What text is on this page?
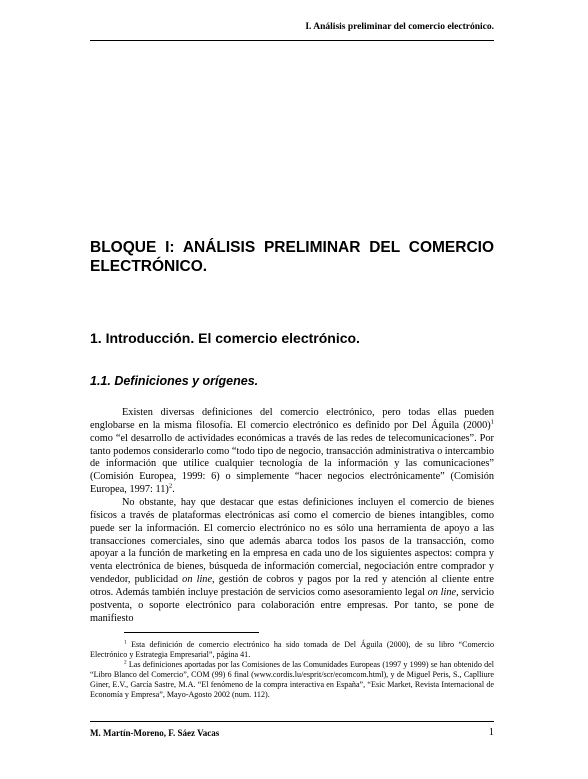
I. Análisis preliminar del comercio electrónico.
BLOQUE I: ANÁLISIS PRELIMINAR DEL COMERCIO ELECTRÓNICO.
1. Introducción. El comercio electrónico.
1.1. Definiciones y orígenes.

Existen diversas definiciones del comercio electrónico, pero todas ellas pueden englobarse en la misma filosofía. El comercio electrónico es definido por Del Águila $(2000)^1$ como “el desarrollo de actividades económicas a través de las redes de telecomunicaciones”. Por tanto podemos considerarlo como “todo tipo de negocio, transacción administrativa o intercambio de información que utilice cualquier tecnología de la información y las comunicaciones” (Comisión Europea, 1999: 6) o simplemente “hacer negocios electrónicamente” (Comisión Europea, 1997: 11)$^2$.

No obstante, hay que destacar que estas definiciones incluyen el comercio de bienes físicos a través de plataformas electrónicas así como el comercio de bienes intangibles, como puede ser la información. El comercio electrónico no es sólo una herramienta de apoyo a las transacciones comerciales, sino que además abarca todos los pasos de la transacción, como apoyar a la función de marketing en la empresa en cada uno de los siguientes aspectos: compra y venta electrónica de bienes, búsqueda de información comercial, negociación entre comprador y vendedor, publicidad on line, gestión de cobros y pagos por la red y atención al cliente entre otros. Además también incluye prestación de servicios como asesoramiento legal on line, servicio postventa, o soporte electrónico para colaboración entre empresas. Por tanto, se pone de manifiesto

$^1$ Esta definición de comercio electrónico ha sido tomada de Del Águila (2000), de su libro “Comercio Electrónico y Estrategia Empresarial”, página 41.

$^2$ Las definiciones aportadas por las Comisiones de las Comunidades Europeas (1997 y 1999) se han obtenido del “Libro Blanco del Comercio”, COM (99) 6 final (www.cordis.lu/esprit/scr/ecomcom.html), y de Miguel Peris, S., Caplliure Giner, E.V., García Sastre, M.A. “El fenómeno de la compra interactiva en España”, “Esic Market, Revista Internacional de Economía y Empresa”, Mayo-Agosto 2002 (num. 112).

M. Martín-Moreno, F. Sáez Vacas	1
